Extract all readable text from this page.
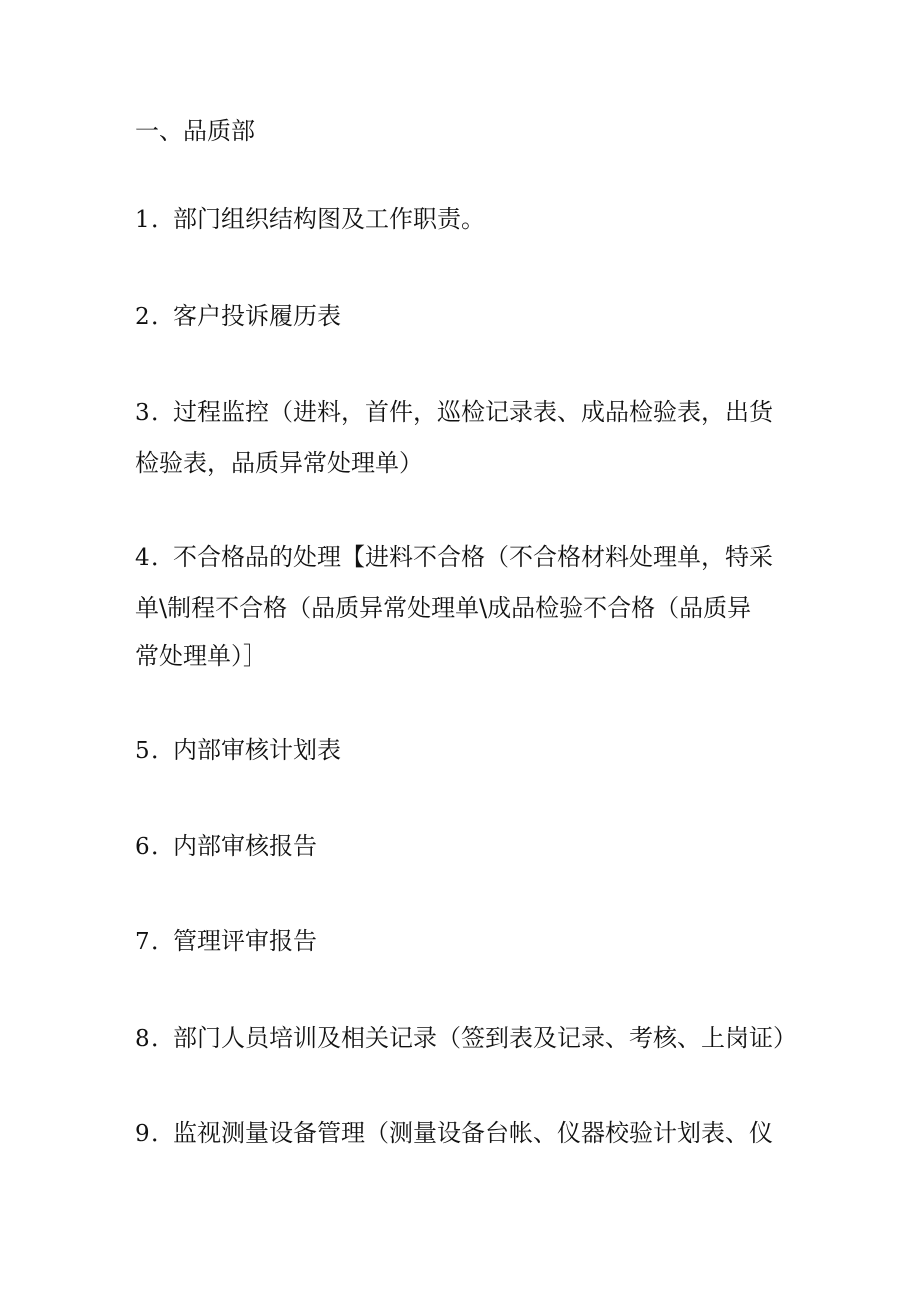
一、品质部
1．部门组织结构图及工作职责。
2．客户投诉履历表
3．过程监控（进料，首件，巡检记录表、成品检验表，出货
检验表，品质异常处理单）
4．不合格品的处理【进料不合格（不合格材料处理单，特采
单\制程不合格（品质异常处理单\成品检验不合格（品质异
常处理单）］
5．内部审核计划表
6．内部审核报告
7．管理评审报告
8．部门人员培训及相关记录（签到表及记录、考核、上岗证）
9．监视测量设备管理（测量设备台帐、仪器校验计划表、仪
